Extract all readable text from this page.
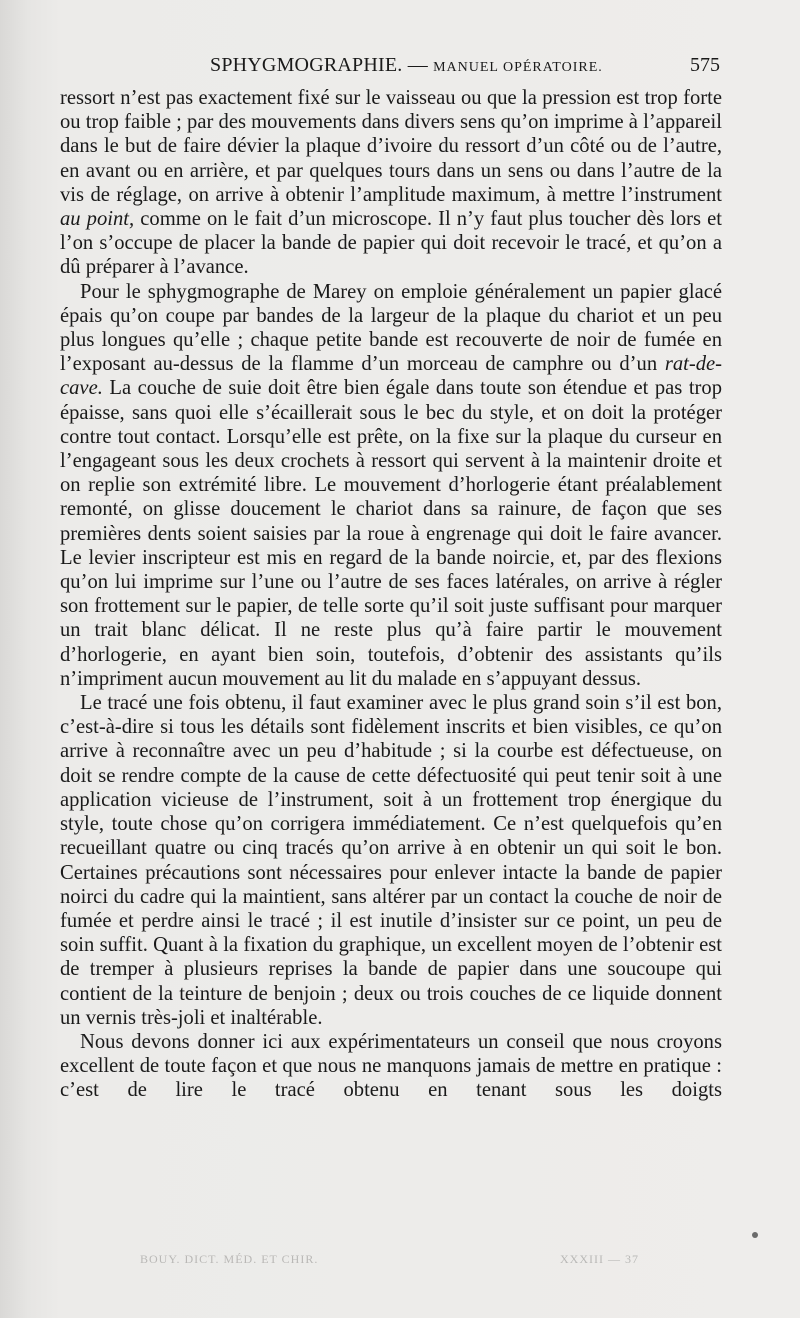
SPHYGMOGRAPHIE. — MANUEL OPÉRATOIRE.	575

ressort n’est pas exactement fixé sur le vaisseau ou que la pression est trop forte ou trop faible ; par des mouvements dans divers sens qu’on imprime à l’appareil dans le but de faire dévier la plaque d’ivoire du ressort d’un côté ou de l’autre, en avant ou en arrière, et par quelques tours dans un sens ou dans l’autre de la vis de réglage, on arrive à obtenir l’amplitude maximum, à mettre l’instrument au point, comme on le fait d’un microscope. Il n’y faut plus toucher dès lors et l’on s’occupe de placer la bande de papier qui doit recevoir le tracé, et qu’on a dû préparer à l’avance.

Pour le sphygmographe de Marey on emploie généralement un papier glacé épais qu’on coupe par bandes de la largeur de la plaque du chariot et un peu plus longues qu’elle ; chaque petite bande est recouverte de noir de fumée en l’exposant au-dessus de la flamme d’un morceau de camphre ou d’un rat-de-cave. La couche de suie doit être bien égale dans toute son étendue et pas trop épaisse, sans quoi elle s’écaillerait sous le bec du style, et on doit la protéger contre tout contact. Lorsqu’elle est prête, on la fixe sur la plaque du curseur en l’engageant sous les deux crochets à ressort qui servent à la maintenir droite et on replie son extrémité libre. Le mouvement d’horlogerie étant préalablement remonté, on glisse doucement le chariot dans sa rainure, de façon que ses premières dents soient saisies par la roue à engrenage qui doit le faire avancer. Le levier inscripteur est mis en regard de la bande noircie, et, par des flexions qu’on lui imprime sur l’une ou l’autre de ses faces latérales, on arrive à régler son frottement sur le papier, de telle sorte qu’il soit juste suffisant pour marquer un trait blanc délicat. Il ne reste plus qu’à faire partir le mouvement d’horlogerie, en ayant bien soin, toutefois, d’obtenir des assistants qu’ils n’impriment aucun mouvement au lit du malade en s’appuyant dessus.

Le tracé une fois obtenu, il faut examiner avec le plus grand soin s’il est bon, c’est-à-dire si tous les détails sont fidèlement inscrits et bien visibles, ce qu’on arrive à reconnaître avec un peu d’habitude ; si la courbe est défectueuse, on doit se rendre compte de la cause de cette défectuosité qui peut tenir soit à une application vicieuse de l’instrument, soit à un frottement trop énergique du style, toute chose qu’on corrigera immédiatement. Ce n’est quelquefois qu’en recueillant quatre ou cinq tracés qu’on arrive à en obtenir un qui soit le bon. Certaines précautions sont nécessaires pour enlever intacte la bande de papier noirci du cadre qui la maintient, sans altérer par un contact la couche de noir de fumée et perdre ainsi le tracé ; il est inutile d’insister sur ce point, un peu de soin suffit. Quant à la fixation du graphique, un excellent moyen de l’obtenir est de tremper à plusieurs reprises la bande de papier dans une soucoupe qui contient de la teinture de benjoin ; deux ou trois couches de ce liquide donnent un vernis très-joli et inaltérable.

Nous devons donner ici aux expérimentateurs un conseil que nous croyons excellent de toute façon et que nous ne manquons jamais de mettre en pratique : c’est de lire le tracé obtenu en tenant sous les doigts

BOUY. DICT. MÉD. ET CHIR.	XXXIII — 37
